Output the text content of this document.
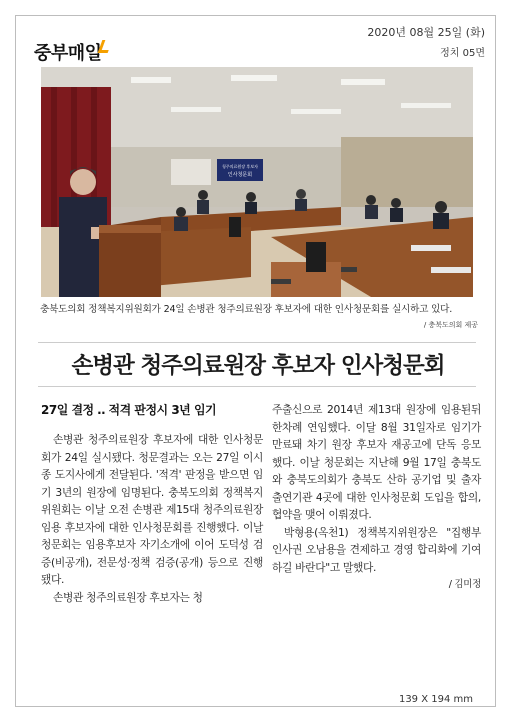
중부매일
2020년 08월 25일 (화)
정치 05면
청주의료원장 후보자
인사청문회
충북도의회 정책복지위원회가 24일 손병관 청주의료원장 후보자에 대한 인사청문회를 실시하고 있다.
/ 충북도의회 제공
손병관 청주의료원장 후보자 인사청문회
27일 결정 ‥ 적격 판정시 3년 임기

손병관 청주의료원장 후보자에 대한 인사청문회가 24일 실시됐다. 청문결과는 오는 27일 이시종 도지사에게 전달된다. '적격' 판정을 받으면 임기 3년의 원장에 임명된다. 충북도의회 정책복지위원회는 이날 오전 손병관 제15대 청주의료원장 임용 후보자에 대한 인사청문회를 진행했다. 이날 청문회는 임용후보자 자기소개에 이어 도덕성 검증(비공개), 전문성·정책 검증(공개) 등으로 진행됐다.

손병관 청주의료원장 후보자는 청

주출신으로 2014년 제13대 원장에 임용된뒤 한차례 연임했다. 이달 8월 31일자로 임기가 만료돼 차기 원장 후보자 재공고에 단독 응모했다. 이날 청문회는 지난해 9월 17일 충북도와 충북도의회가 충북도 산하 공기업 및 출자출연기관 4곳에 대한 인사청문회 도입을 합의, 협약을 맺어 이뤄졌다.

박형용(옥천1) 정책복지위원장은 "집행부 인사권 오남용을 견제하고 경영 합리화에 기여하길 바란다"고 말했다.

/ 김미정

139 X 194 mm
